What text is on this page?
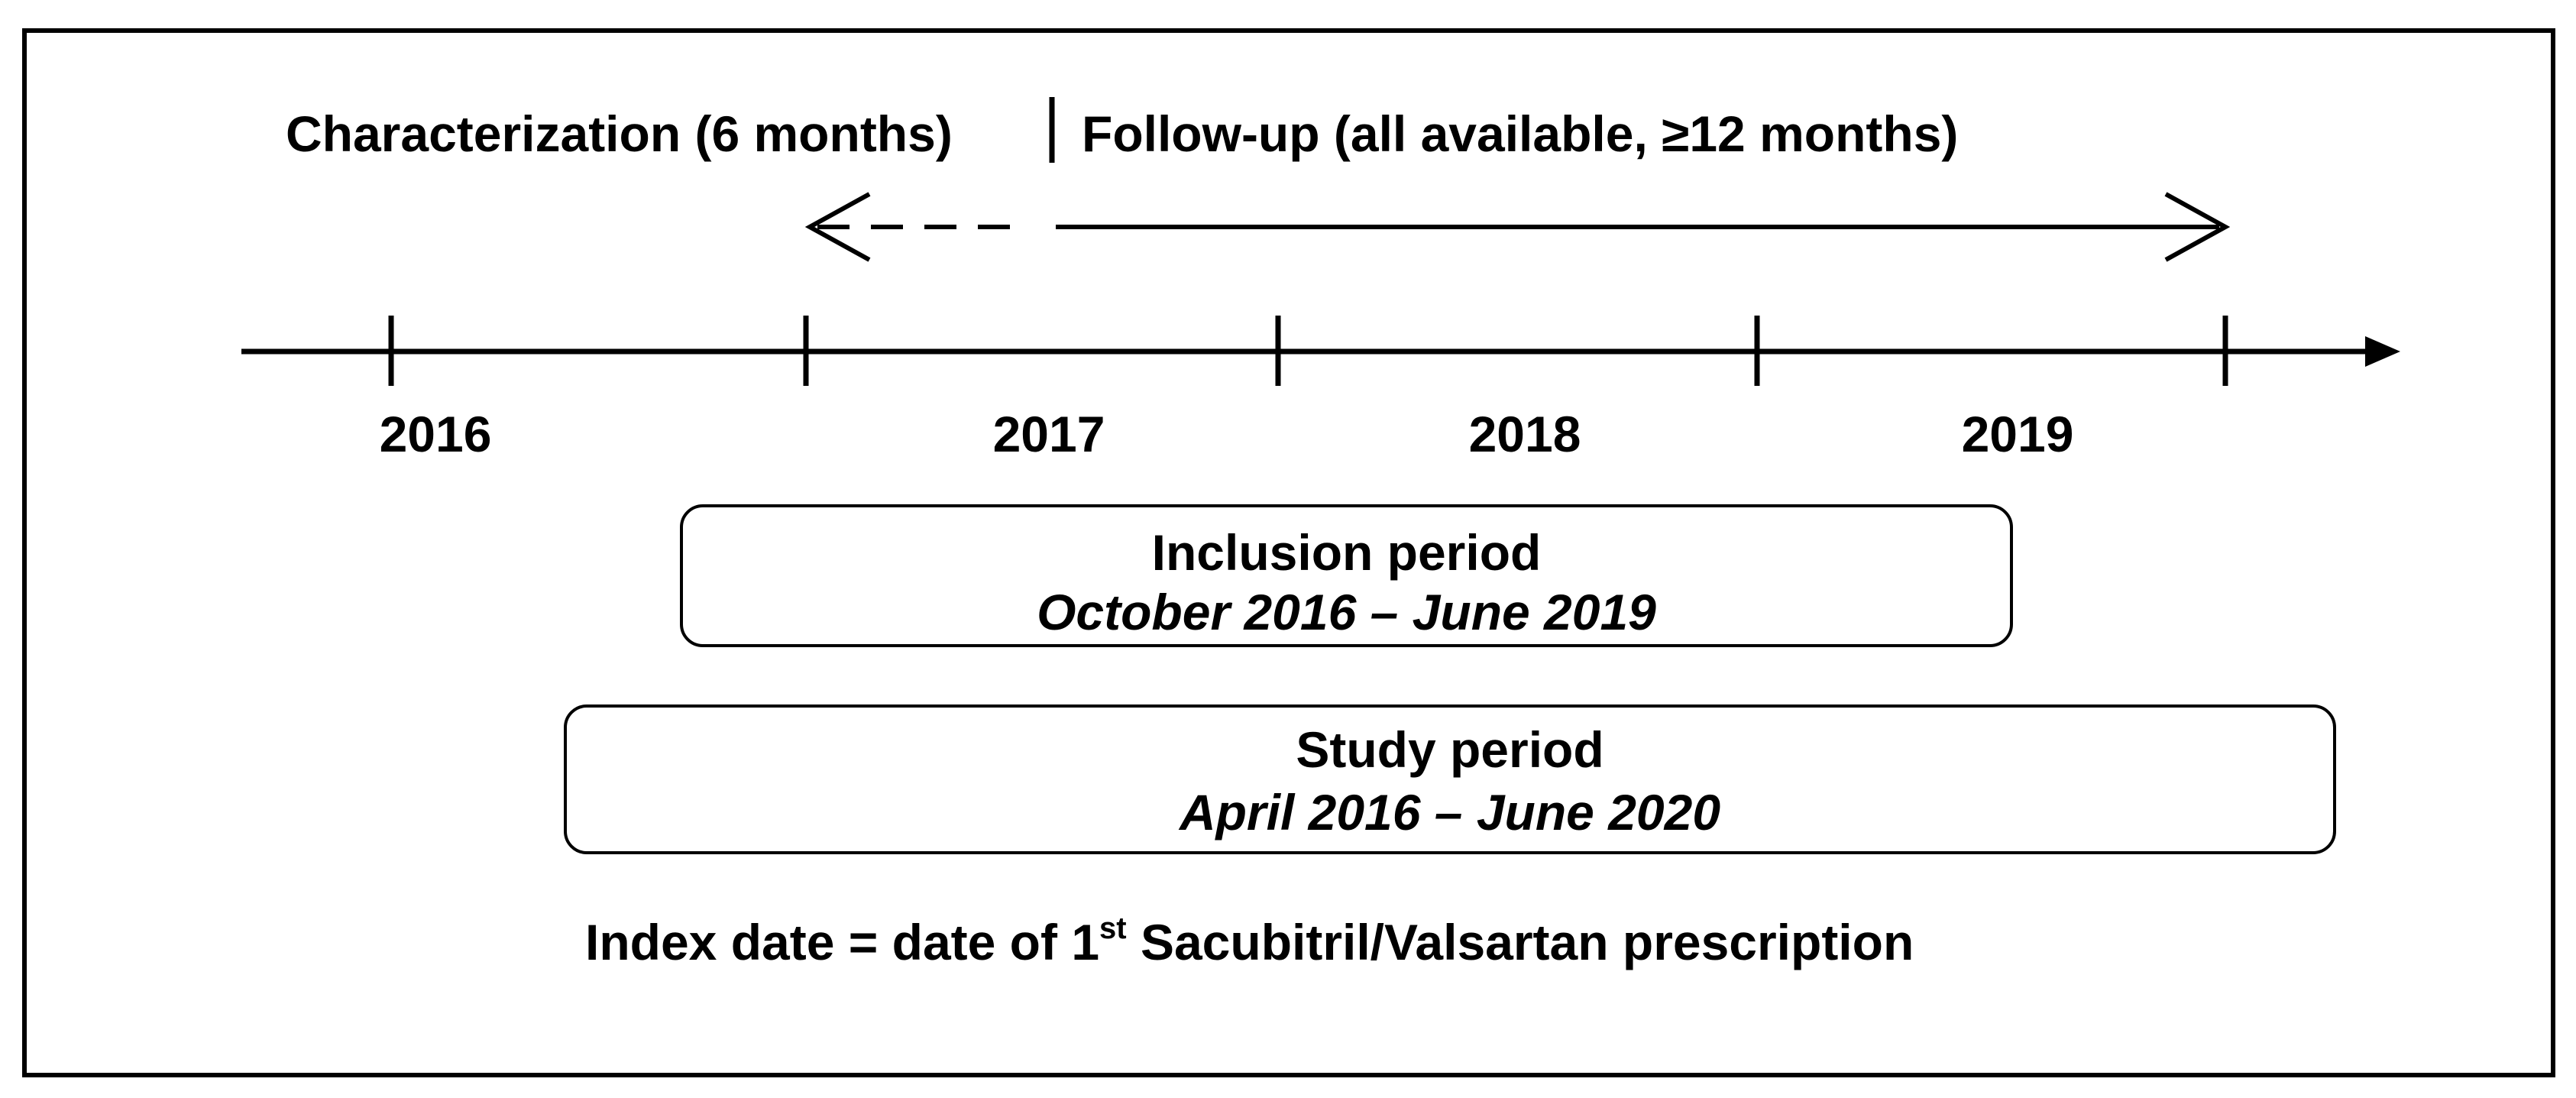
Characterization (6 months)	Follow-up (all available, ≥12 months)
2016	2017	2018	2019
Inclusion period
October 2016 – June 2019
Study period
April 2016 – June 2020
Index date = date of 1st Sacubitril/Valsartan prescription
